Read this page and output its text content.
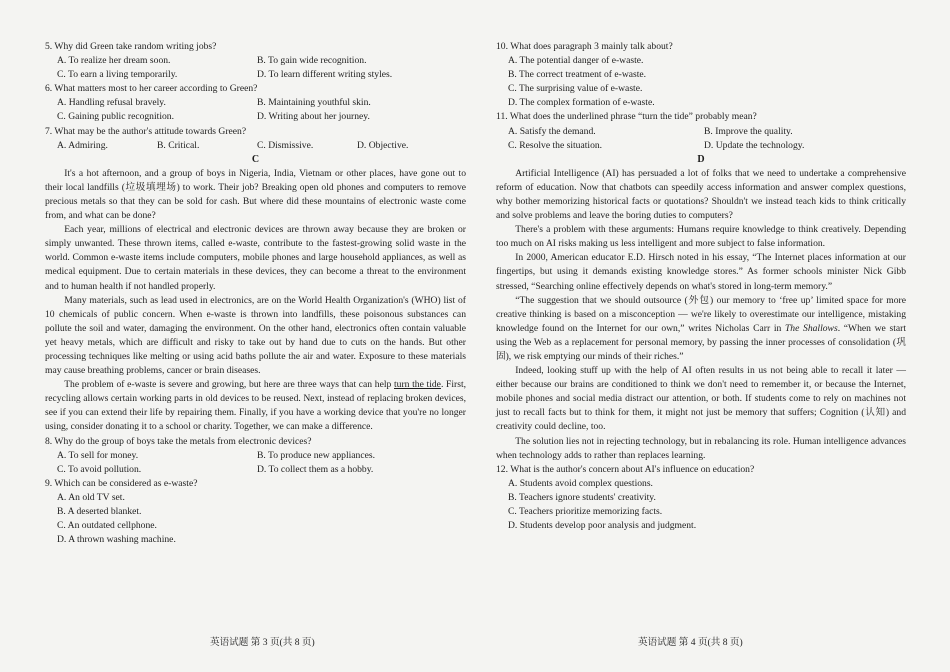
5. Why did Green take random writing jobs?
A. To realize her dream soon.	B. To gain wide recognition.
C. To earn a living temporarily.	D. To learn different writing styles.
6. What matters most to her career according to Green?
A. Handling refusal bravely.	B. Maintaining youthful skin.
C. Gaining public recognition.	D. Writing about her journey.
7. What may be the author's attitude towards Green?
A. Admiring.	B. Critical.	C. Dismissive.	D. Objective.
C
It's a hot afternoon, and a group of boys in Nigeria, India, Vietnam or other places, have gone out to their local landfills (垃圾填埋场) to work. Their job? Breaking open old phones and computers to remove precious metals so that they can be sold for cash. But where did these mountains of electronic waste come from, and what can be done?
Each year, millions of electrical and electronic devices are thrown away because they are broken or simply unwanted. These thrown items, called e-waste, contribute to the fastest-growing solid waste in the world. Common e-waste items include computers, mobile phones and large household appliances, as well as medical equipment. Due to certain materials in these devices, they can become a threat to the environment and to human health if not handled properly.
Many materials, such as lead used in electronics, are on the World Health Organization's (WHO) list of 10 chemicals of public concern. When e-waste is thrown into landfills, these poisonous substances can pollute the soil and water, damaging the environment. On the other hand, electronics often contain valuable yet heavy metals, which are difficult and risky to take out by hand due to cuts on the hands. But other processing techniques like melting or using acid baths pollute the air and water. Exposure to these materials may cause breathing problems, cancer or brain diseases.
The problem of e-waste is severe and growing, but here are three ways that can help turn the tide. First, recycling allows certain working parts in old devices to be reused. Next, instead of replacing broken devices, see if you can extend their life by repairing them. Finally, if you have a working device that you're no longer using, consider donating it to a school or charity. Together, we can make a difference.
8. Why do the group of boys take the metals from electronic devices?
A. To sell for money.	B. To produce new appliances.
C. To avoid pollution.	D. To collect them as a hobby.
9. Which can be considered as e-waste?
A. An old TV set.
B. A deserted blanket.
C. An outdated cellphone.
D. A thrown washing machine.
英语试题 第 3 页(共 8 页)
10. What does paragraph 3 mainly talk about?
A. The potential danger of e-waste.
B. The correct treatment of e-waste.
C. The surprising value of e-waste.
D. The complex formation of e-waste.
11. What does the underlined phrase “turn the tide” probably mean?
A. Satisfy the demand.	B. Improve the quality.
C. Resolve the situation.	D. Update the technology.
D
Artificial Intelligence (AI) has persuaded a lot of folks that we need to undertake a comprehensive reform of education. Now that chatbots can speedily access information and answer complex questions, why bother memorizing historical facts or quotations? Shouldn't we instead teach kids to think critically and solve problems and leave the boring duties to computers?
There's a problem with these arguments: Humans require knowledge to think creatively. Depending too much on AI risks making us less intelligent and more subject to false information.
In 2000, American educator E.D. Hirsch noted in his essay, “The Internet places information at our fingertips, but using it demands existing knowledge stores.” As former schools minister Nick Gibb stressed, “Searching online effectively depends on what's stored in long-term memory.”
“The suggestion that we should outsource (外包) our memory to ‘free up’ limited space for more creative thinking is based on a misconception — we're likely to overestimate our intelligence, mistaking knowledge found on the Internet for our own,” writes Nicholas Carr in The Shallows. “When we start using the Web as a replacement for personal memory, by passing the inner processes of consolidation (巩固), we risk emptying our minds of their riches.”
Indeed, looking stuff up with the help of AI often results in us not being able to recall it later — either because our brains are conditioned to think we don't need to remember it, or because the Internet, mobile phones and social media distract our attention, or both. If students come to rely on machines not just to recall facts but to think for them, it might not just be memory that suffers; Cognition (认知) and creativity could decline, too.
The solution lies not in rejecting technology, but in rebalancing its role. Human intelligence advances when technology adds to rather than replaces learning.
12. What is the author's concern about AI's influence on education?
A. Students avoid complex questions.
B. Teachers ignore students' creativity.
C. Teachers prioritize memorizing facts.
D. Students develop poor analysis and judgment.
英语试题 第 4 页(共 8 页)
